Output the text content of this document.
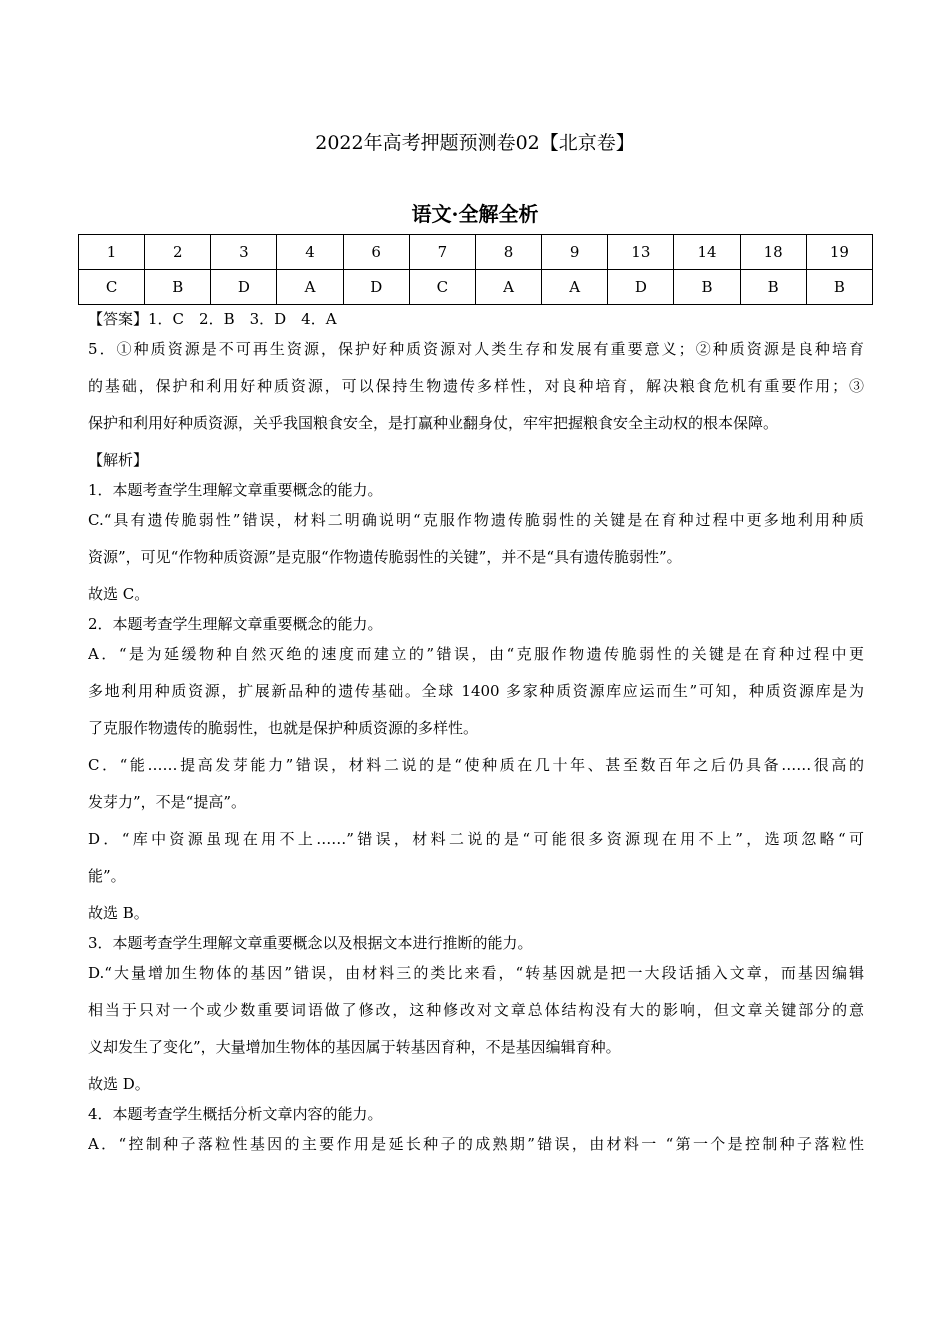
2022年高考押题预测卷02【北京卷】
语文·全解全析
1	2	3	4	6	7	8	9	13	14	18	19
C	B	D	A	D	C	A	A	D	B	B	B
【答案】1．C　2．B　3．D　4．A
5．①种质资源是不可再生资源，保护好种质资源对人类生存和发展有重要意义；②种质资源是良种培育
的基础，保护和利用好种质资源，可以保持生物遗传多样性，对良种培育，解决粮食危机有重要作用；③
保护和利用好种质资源，关乎我国粮食安全，是打赢种业翻身仗，牢牢把握粮食安全主动权的根本保障。
【解析】
1．本题考查学生理解文章重要概念的能力。
C.“具有遗传脆弱性”错误，材料二明确说明“克服作物遗传脆弱性的关键是在育种过程中更多地利用种质
资源”，可见“作物种质资源”是克服“作物遗传脆弱性的关键”，并不是“具有遗传脆弱性”。
故选 C。
2．本题考查学生理解文章重要概念的能力。
A．“是为延缓物种自然灭绝的速度而建立的”错误，由“克服作物遗传脆弱性的关键是在育种过程中更
多地利用种质资源，扩展新品种的遗传基础。全球 1400 多家种质资源库应运而生”可知，种质资源库是为
了克服作物遗传的脆弱性，也就是保护种质资源的多样性。
C．“能……提高发芽能力”错误，材料二说的是“使种质在几十年、甚至数百年之后仍具备……很高的
发芽力”，不是“提高”。
D．“库中资源虽现在用不上……”错误，材料二说的是“可能很多资源现在用不上”，选项忽略“可
能”。
故选 B。
3．本题考查学生理解文章重要概念以及根据文本进行推断的能力。
D.“大量增加生物体的基因”错误，由材料三的类比来看，“转基因就是把一大段话插入文章，而基因编辑
相当于只对一个或少数重要词语做了修改，这种修改对文章总体结构没有大的影响，但文章关键部分的意
义却发生了变化”，大量增加生物体的基因属于转基因育种，不是基因编辑育种。
故选 D。
4．本题考查学生概括分析文章内容的能力。
A．“控制种子落粒性基因的主要作用是延长种子的成熟期”错误，由材料一 “第一个是控制种子落粒性
